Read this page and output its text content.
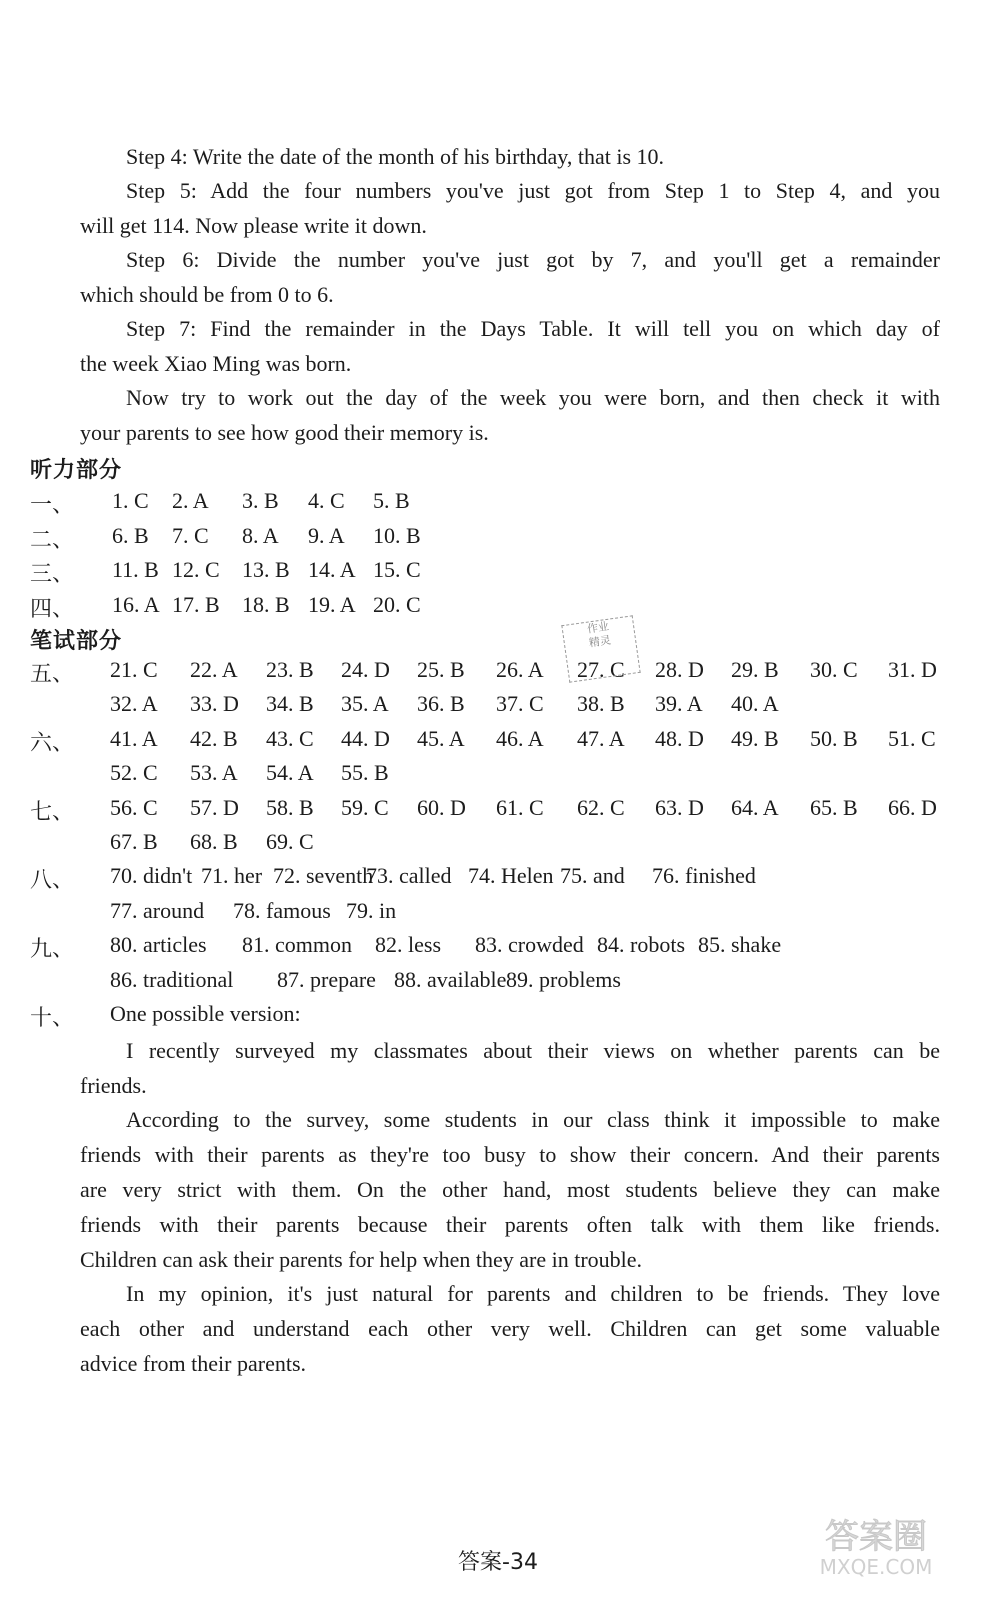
Step 4: Write the date of the month of his birthday, that is 10.
Step 5: Add the four numbers you've just got from Step 1 to Step 4, and you
will get 114. Now please write it down.
Step 6: Divide the number you've just got by 7, and you'll get a remainder
which should be from 0 to 6.
Step 7: Find the remainder in the Days Table. It will tell you on which day of
the week Xiao Ming was born.
Now try to work out the day of the week you were born, and then check it with
your parents to see how good their memory is.
听力部分
一、 1. C 2. A 3. B 4. C 5. B
二、 6. B 7. C 8. A 9. A 10. B
三、 11. B 12. C 13. B 14. A 15. C
四、 16. A 17. B 18. B 19. A 20. C
笔试部分
五、 21. C 22. A 23. B 24. D 25. B 26. A 27. C 28. D 29. B 30. C 31. D
32. A 33. D 34. B 35. A 36. B 37. C 38. B 39. A 40. A
六、 41. A 42. B 43. C 44. D 45. A 46. A 47. A 48. D 49. B 50. B 51. C
52. C 53. A 54. A 55. B
七、 56. C 57. D 58. B 59. C 60. D 61. C 62. C 63. D 64. A 65. B 66. D
67. B 68. B 69. C
八、 70. didn't 71. her 72. seventh
73. called 74. Helen 75. and 76. finished
77. around 78. famous 79. in
九、 80. articles 81. common 82. less 83. crowded 84. robots 85. shake
86. traditional 87. prepare 88. available 89. problems
十、 One possible version:
I recently surveyed my classmates about their views on whether parents can be
friends.
According to the survey, some students in our class think it impossible to make
friends with their parents as they're too busy to show their concern. And their parents
are very strict with them. On the other hand, most students believe they can make
friends with their parents because their parents often talk with them like friends.
Children can ask their parents for help when they are in trouble.
In my opinion, it's just natural for parents and children to be friends. They love
each other and understand each other very well. Children can get some valuable
advice from their parents.
作业
精灵
答案-34
答案圈
MXQE.COM
